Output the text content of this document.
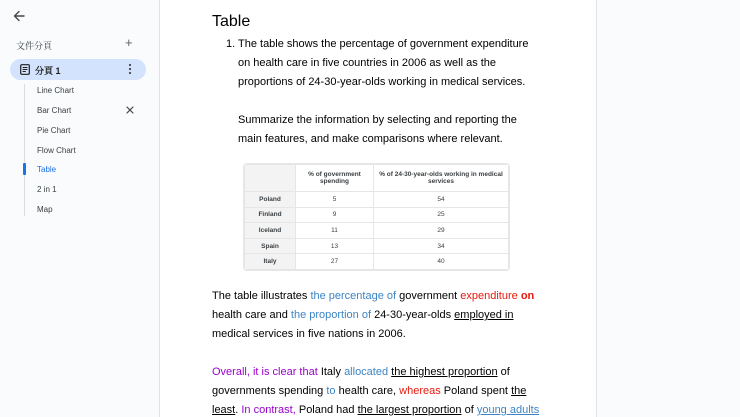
文件分頁	+
分頁 1
Line Chart
Bar Chart
Pie Chart
Flow Chart
Table
2 in 1
Map
Table
1. The table shows the percentage of government expenditure
on health care in five countries in 2006 as well as the
proportions of 24-30-year-olds working in medical services.
Summarize the information by selecting and reporting the
main features, and make comparisons where relevant.
	% of government spending	% of 24-30-year-olds working in medical services
Poland	5	54
Finland	9	25
Iceland	11	29
Spain	13	34
Italy	27	40
The table illustrates the percentage of government expenditure on
health care and the proportion of 24-30-year-olds employed in
medical services in five nations in 2006.
Overall, it is clear that Italy allocated the highest proportion of
governments spending to health care, whereas Poland spent the
least. In contrast, Poland had the largest proportion of young adults
